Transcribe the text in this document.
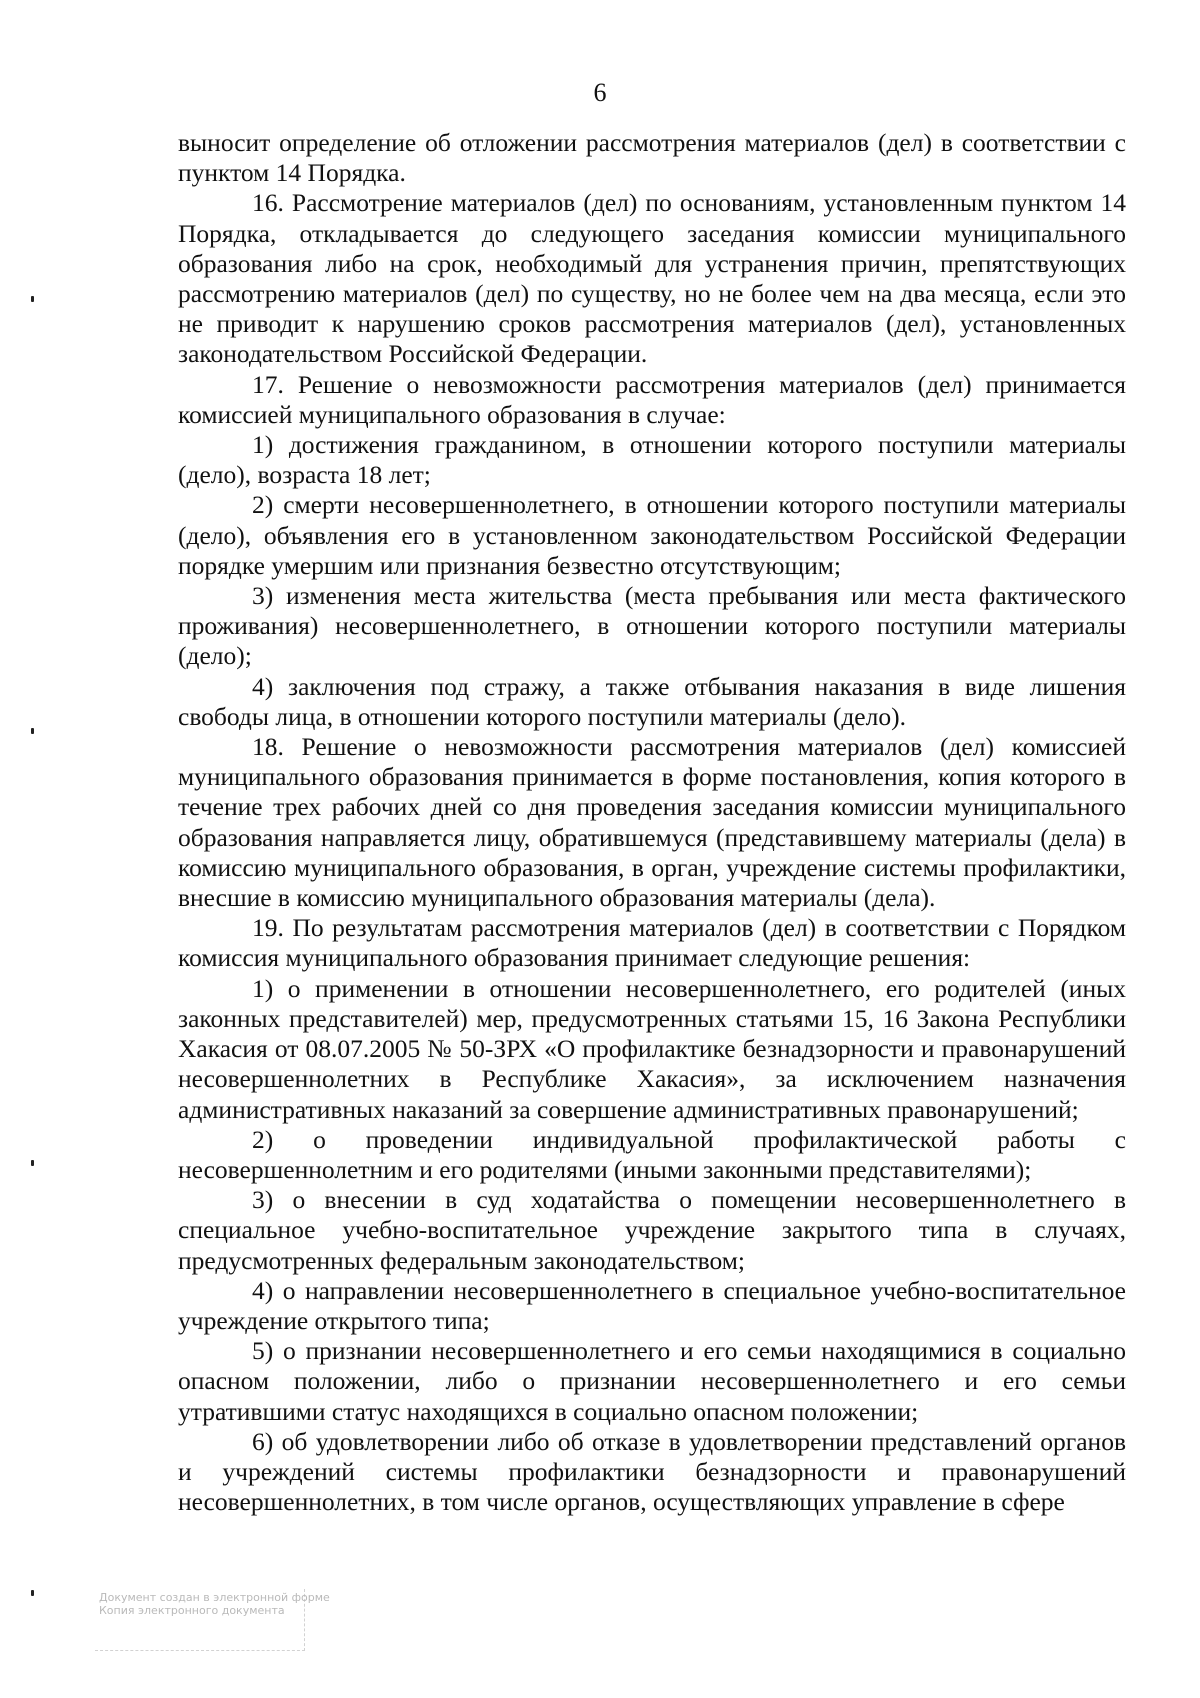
6

выносит определение об отложении рассмотрения материалов (дел) в соответствии с пунктом 14 Порядка.

16. Рассмотрение материалов (дел) по основаниям, установленным пунктом 14 Порядка, откладывается до следующего заседания комиссии муниципального образования либо на срок, необходимый для устранения причин, препятствующих рассмотрению материалов (дел) по существу, но не более чем на два месяца, если это не приводит к нарушению сроков рассмотрения материалов (дел), установленных законодательством Российской Федерации.

17. Решение о невозможности рассмотрения материалов (дел) принимается комиссией муниципального образования в случае:

1) достижения гражданином, в отношении которого поступили материалы (дело), возраста 18 лет;

2) смерти несовершеннолетнего, в отношении которого поступили материалы (дело), объявления его в установленном законодательством Российской Федерации порядке умершим или признания безвестно отсутствующим;

3) изменения места жительства (места пребывания или места фактического проживания) несовершеннолетнего, в отношении которого поступили материалы (дело);

4) заключения под стражу, а также отбывания наказания в виде лишения свободы лица, в отношении которого поступили материалы (дело).

18. Решение о невозможности рассмотрения материалов (дел) комиссией муниципального образования принимается в форме постановления, копия которого в течение трех рабочих дней со дня проведения заседания комиссии муниципального образования направляется лицу, обратившемуся (представившему материалы (дела) в комиссию муниципального образования, в орган, учреждение системы профилактики, внесшие в комиссию муниципального образования материалы (дела).

19. По результатам рассмотрения материалов (дел) в соответствии с Порядком комиссия муниципального образования принимает следующие решения:

1) о применении в отношении несовершеннолетнего, его родителей (иных законных представителей) мер, предусмотренных статьями 15, 16 Закона Республики Хакасия от 08.07.2005 № 50-ЗРХ «О профилактике безнадзорности и правонарушений несовершеннолетних в Республике Хакасия», за исключением назначения административных наказаний за совершение административных правонарушений;

2) о проведении индивидуальной профилактической работы с несовершеннолетним и его родителями (иными законными представителями);

3) о внесении в суд ходатайства о помещении несовершеннолетнего в специальное учебно-воспитательное учреждение закрытого типа в случаях, предусмотренных федеральным законодательством;

4) о направлении несовершеннолетнего в специальное учебно-воспитательное учреждение открытого типа;

5) о признании несовершеннолетнего и его семьи находящимися в социально опасном положении, либо о признании несовершеннолетнего и его семьи утратившими статус находящихся в социально опасном положении;

6) об удовлетворении либо об отказе в удовлетворении представлений органов и учреждений системы профилактики безнадзорности и правонарушений несовершеннолетних, в том числе органов, осуществляющих управление в сфере

Документ создан в электронной форме
Копия электронного документа
